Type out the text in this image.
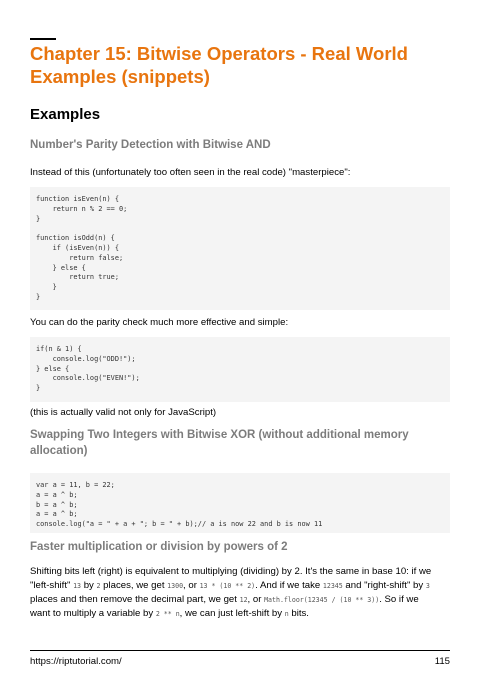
Chapter 15: Bitwise Operators - Real World Examples (snippets)
Examples
Number's Parity Detection with Bitwise AND

Instead of this (unfortunately too often seen in the real code) "masterpiece":

function isEven(n) {
return n % 2 == 0;
}
function isOdd(n) {
if (isEven(n)) {
return false;
} else {
return true;
}
}

You can do the parity check much more effective and simple:

if(n & 1) {
console.log("ODD!");
} else {
console.log("EVEN!");
}

(this is actually valid not only for JavaScript)

Swapping Two Integers with Bitwise XOR (without additional memory allocation)
var a = 11, b = 22;
a = a ^ b;
b = a ^ b;
a = a ^ b;
console.log("a = " + a + "; b = " + b);// a is now 22 and b is now 11
Faster multiplication or division by powers of 2

Shifting bits left (right) is equivalent to multiplying (dividing) by 2. It's the same in base 10: if we

"left-shift" 13 by 2 places, we get 1300, or 13 * (10 ** 2). And if we take 12345 and "right-shift" by 3

places and then remove the decimal part, we get 12, or Math.floor(12345 / (10 ** 3)). So if we

want to multiply a variable by 2 ** n, we can just left-shift by n bits.

https://riptutorial.com/	115
